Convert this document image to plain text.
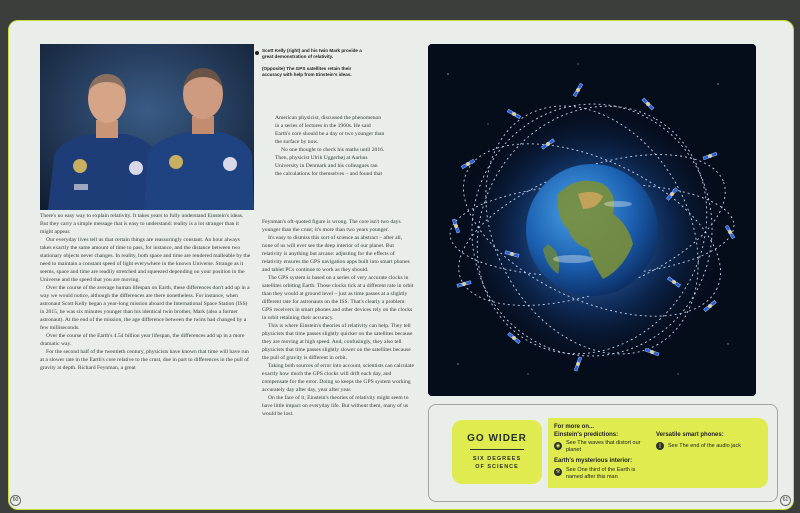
Scott Kelly (right) and his twin Mark provide a great demonstration of relativity.

(Opposite) The GPS satellites retain their accuracy with help from Einstein's ideas.

American physicist, discussed the phenomenon in a series of lectures in the 1960s. He said Earth's core should be a day or two younger than the surface by now.

No one thought to check his maths until 2016. Then, physicist Ulrik Uggerhøj at Aarhus University in Denmark and his colleagues ran the calculations for themselves – and found that

There's no easy way to explain relativity. It takes years to fully understand Einstein's ideas. But they carry a simple message that is easy to understand: reality is a lot stranger than it might appear.

Our everyday lives tell us that certain things are reassuringly constant. An hour always takes exactly the same amount of time to pass, for instance, and the distance between two stationary objects never changes. In reality, both space and time are rendered malleable by the need to maintain a constant speed of light everywhere in the known Universe. Strange as it seems, space and time are readily stretched and squeezed depending on your position in the Universe and the speed that you are moving.

Over the course of the average human lifespan on Earth, these differences don't add up in a way we would notice, although the differences are there nonetheless. For instance, when astronaut Scott Kelly began a year-long mission aboard the International Space Station (ISS) in 2015, he was six minutes younger than his identical twin brother, Mark (also a former astronaut). At the end of the mission, the age difference between the twins had changed by a few milliseconds.

Over the course of the Earth's 4.54 billion year lifespan, the differences add up in a more dramatic way.

For the second half of the twentieth century, physicists have known that time will have run at a slower rate in the Earth's core relative to the crust, due in part to differences in the pull of gravity at depth. Richard Feynman, a great

Feynman's oft-quoted figure is wrong. The core isn't two days younger than the crust; it's more than two years younger.

It's easy to dismiss this sort of science as abstract – after all, none of us will ever see the deep interior of our planet. But relativity is anything but arcane: adjusting for the effects of relativity ensures the GPS navigation apps built into smart phones and tablet PCs continue to work as they should.

The GPS system is based on a series of very accurate clocks in satellites orbiting Earth. Those clocks tick at a different rate in orbit than they would at ground level – just as time passes at a slightly different rate for astronauts on the ISS. That's clearly a problem: GPS receivers in smart phones and other devices rely on the clocks in orbit retaining their accuracy.

This is where Einstein's theories of relativity can help. They tell physicists that time passes slightly quicker on the satellites because they are moving at high speed. And, confusingly, they also tell physicists that time passes slightly slower on the satellites because the pull of gravity is different in orbit.

Taking both sources of error into account, scientists can calculate exactly how much the GPS clocks will drift each day, and compensate for the error. Doing so keeps the GPS system working accurately day after day, year after year.

On the face of it, Einstein's theories of relativity might seem to have little impact on everyday life. But without them, many of us would be lost.

GO WIDER
SIX DEGREES
OF SCIENCE
For more on...
Einstein's predictions:
◉	See The waves that distort our planet
Earth's mysterious interior:
⚒	See One third of the Earth is named after this man
Versatile smart phones:
▯	See The end of the audio jack
60	61
